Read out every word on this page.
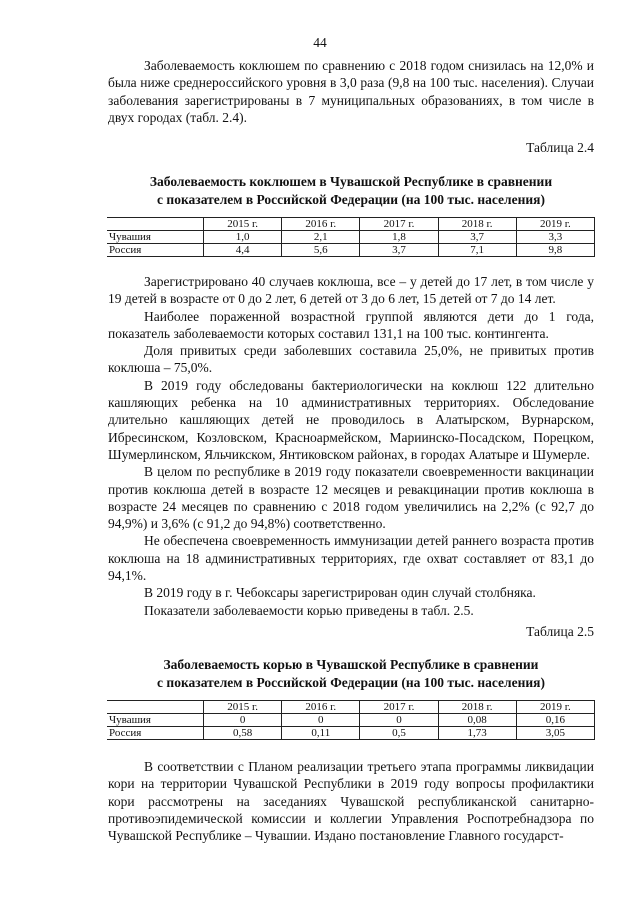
44

Заболеваемость коклюшем по сравнению с 2018 годом снизилась на 12,0% и была ниже среднероссийского уровня в 3,0 раза (9,8 на 100 тыс. населения). Случаи заболевания зарегистрированы в 7 муниципальных образованиях, в том числе в двух городах (табл. 2.4).

Таблица 2.4
Заболеваемость коклюшем в Чувашской Республике в сравнении
с показателем в Российской Федерации (на 100 тыс. населения)
	2015 г.	2016 г.	2017 г.	2018 г.	2019 г.
Чувашия	1,0	2,1	1,8	3,7	3,3
Россия	4,4	5,6	3,7	7,1	9,8

Зарегистрировано 40 случаев коклюша, все – у детей до 17 лет, в том числе у 19 детей в возрасте от 0 до 2 лет, 6 детей от 3 до 6 лет, 15 детей от 7 до 14 лет.

Наиболее пораженной возрастной группой являются дети до 1 года, показатель заболеваемости которых составил 131,1 на 100 тыс. контингента.

Доля привитых среди заболевших составила 25,0%, не привитых против коклюша – 75,0%.

В 2019 году обследованы бактериологически на коклюш 122 длительно кашляющих ребенка на 10 административных территориях. Обследование длительно кашляющих детей не проводилось в Алатырском, Вурнарском, Ибресинском, Козловском, Красноармейском, Мариинско-Посадском, Порецком, Шумерлинском, Яльчикском, Янтиковском районах, в городах Алатыре и Шумерле.

В целом по республике в 2019 году показатели своевременности вакцинации против коклюша детей в возрасте 12 месяцев и ревакцинации против коклюша в возрасте 24 месяцев по сравнению с 2018 годом увеличились на 2,2% (с 92,7 до 94,9%) и 3,6% (с 91,2 до 94,8%) соответственно.

Не обеспечена своевременность иммунизации детей раннего возраста против коклюша на 18 административных территориях, где охват составляет от 83,1 до 94,1%.

В 2019 году в г. Чебоксары зарегистрирован один случай столбняка.

Показатели заболеваемости корью приведены в табл. 2.5.

Таблица 2.5
Заболеваемость корью в Чувашской Республике в сравнении
с показателем в Российской Федерации (на 100 тыс. населения)
	2015 г.	2016 г.	2017 г.	2018 г.	2019 г.
Чувашия	0	0	0	0,08	0,16
Россия	0,58	0,11	0,5	1,73	3,05

В соответствии с Планом реализации третьего этапа программы ликвидации кори на территории Чувашской Республики в 2019 году вопросы профилактики кори рассмотрены на заседаниях Чувашской республиканской санитарно-противоэпидемической комиссии и коллегии Управления Роспотребнадзора по Чувашской Республике – Чувашии. Издано постановление Главного государст-
